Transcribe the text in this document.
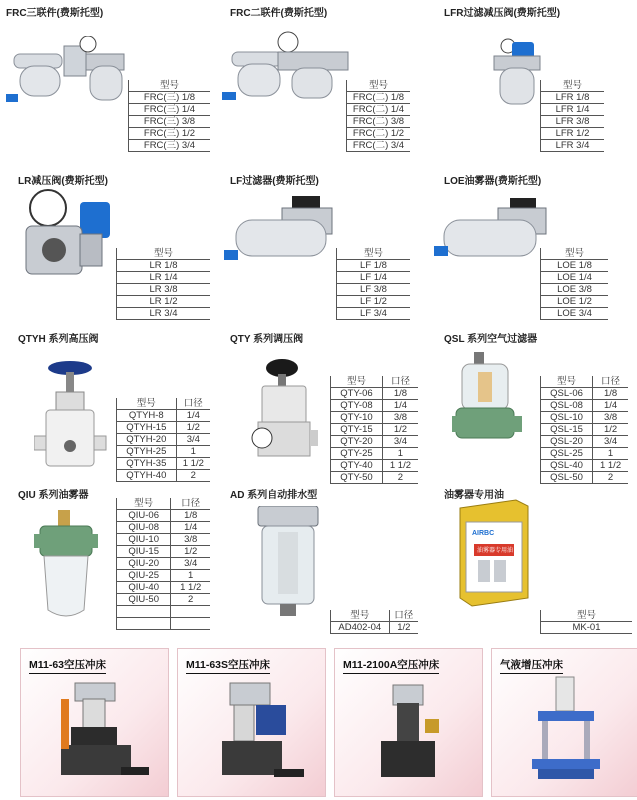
FRC三联件(费斯托型)	FRC二联件(费斯托型)	LFR过滤减压阀(费斯托型)
型号
FRC(三) 1/8
FRC(三) 1/4
FRC(三) 3/8
FRC(三) 1/2
FRC(三) 3/4
型号
FRC(二) 1/8
FRC(二) 1/4
FRC(二) 3/8
FRC(二) 1/2
FRC(二) 3/4
型号
LFR 1/8
LFR 1/4
LFR 3/8
LFR 1/2
LFR 3/4
LR减压阀(费斯托型)	LF过滤器(费斯托型)	LOE油雾器(费斯托型)
型号
LR 1/8
LR 1/4
LR 3/8
LR 1/2
LR 3/4
型号
LF 1/8
LF 1/4
LF 3/8
LF 1/2
LF 3/4
型号
LOE 1/8
LOE 1/4
LOE 3/8
LOE 1/2
LOE 3/4
QTYH 系列高压阀	QTY 系列调压阀	QSL 系列空气过滤器
型号	口径
QTYH-8	1/4
QTYH-15	1/2
QTYH-20	3/4
QTYH-25	1
QTYH-35	1 1/2
QTYH-40	2
型号	口径
QTY-06	1/8
QTY-08	1/4
QTY-10	3/8
QTY-15	1/2
QTY-20	3/4
QTY-25	1
QTY-40	1 1/2
QTY-50	2
型号	口径
QSL-06	1/8
QSL-08	1/4
QSL-10	3/8
QSL-15	1/2
QSL-20	3/4
QSL-25	1
QSL-40	1 1/2
QSL-50	2
QIU 系列油雾器	AD 系列自动排水型	油雾器专用油
型号	口径
QIU-06	1/8
QIU-08	1/4
QIU-10	3/8
QIU-15	1/2
QIU-20	3/4
QIU-25	1
QIU-40	1 1/2
QIU-50	2

型号	口径
AD402-04	1/2
AIRBC
油雾器专用油
型号
MK-01
M11-63空压冲床	M11-63S空压冲床	M11-2100A空压冲床	气液增压冲床
